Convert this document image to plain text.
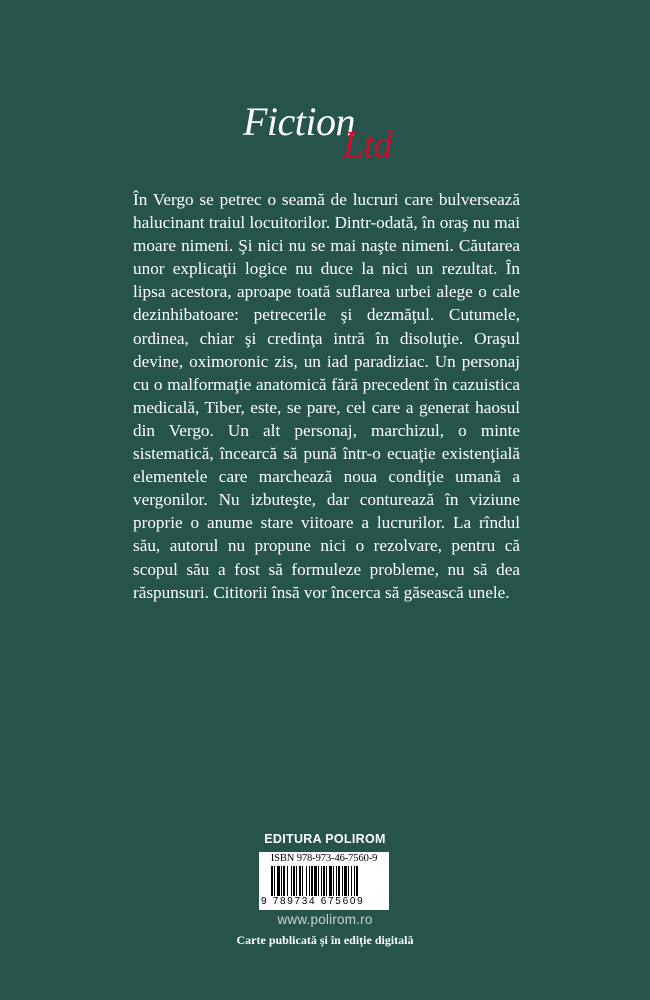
Fiction
Ltd

În Vergo se petrec o seamă de lucruri care bulversează halucinant traiul locuitorilor. Dintr-odată, în oraş nu mai moare nimeni. Şi nici nu se mai naşte nimeni. Căutarea unor explicaţii logice nu duce la nici un rezultat. În lipsa acestora, aproape toată suflarea urbei alege o cale dezinhibatoare: petrecerile şi dezmăţul. Cutumele, ordinea, chiar şi credinţa intră în disoluţie. Oraşul devine, oximoronic zis, un iad paradiziac. Un personaj cu o malformaţie anatomică fără precedent în cazuistica medicală, Tiber, este, se pare, cel care a generat haosul din Vergo. Un alt personaj, marchizul, o minte sistematică, încearcă să pună într-o ecuaţie existenţială elementele care marchează noua condiţie umană a vergonilor. Nu izbuteşte, dar conturează în viziune proprie o anume stare viitoare a lucrurilor. La rîndul său, autorul nu propune nici o rezolvare, pentru că scopul său a fost să formuleze probleme, nu să dea răspunsuri. Cititorii însă vor încerca să găsească unele.

EDITURA POLIROM
ISBN 978-973-46-7560-9
9 789734 675609
www.polirom.ro
Carte publicată şi în ediţie digitală
